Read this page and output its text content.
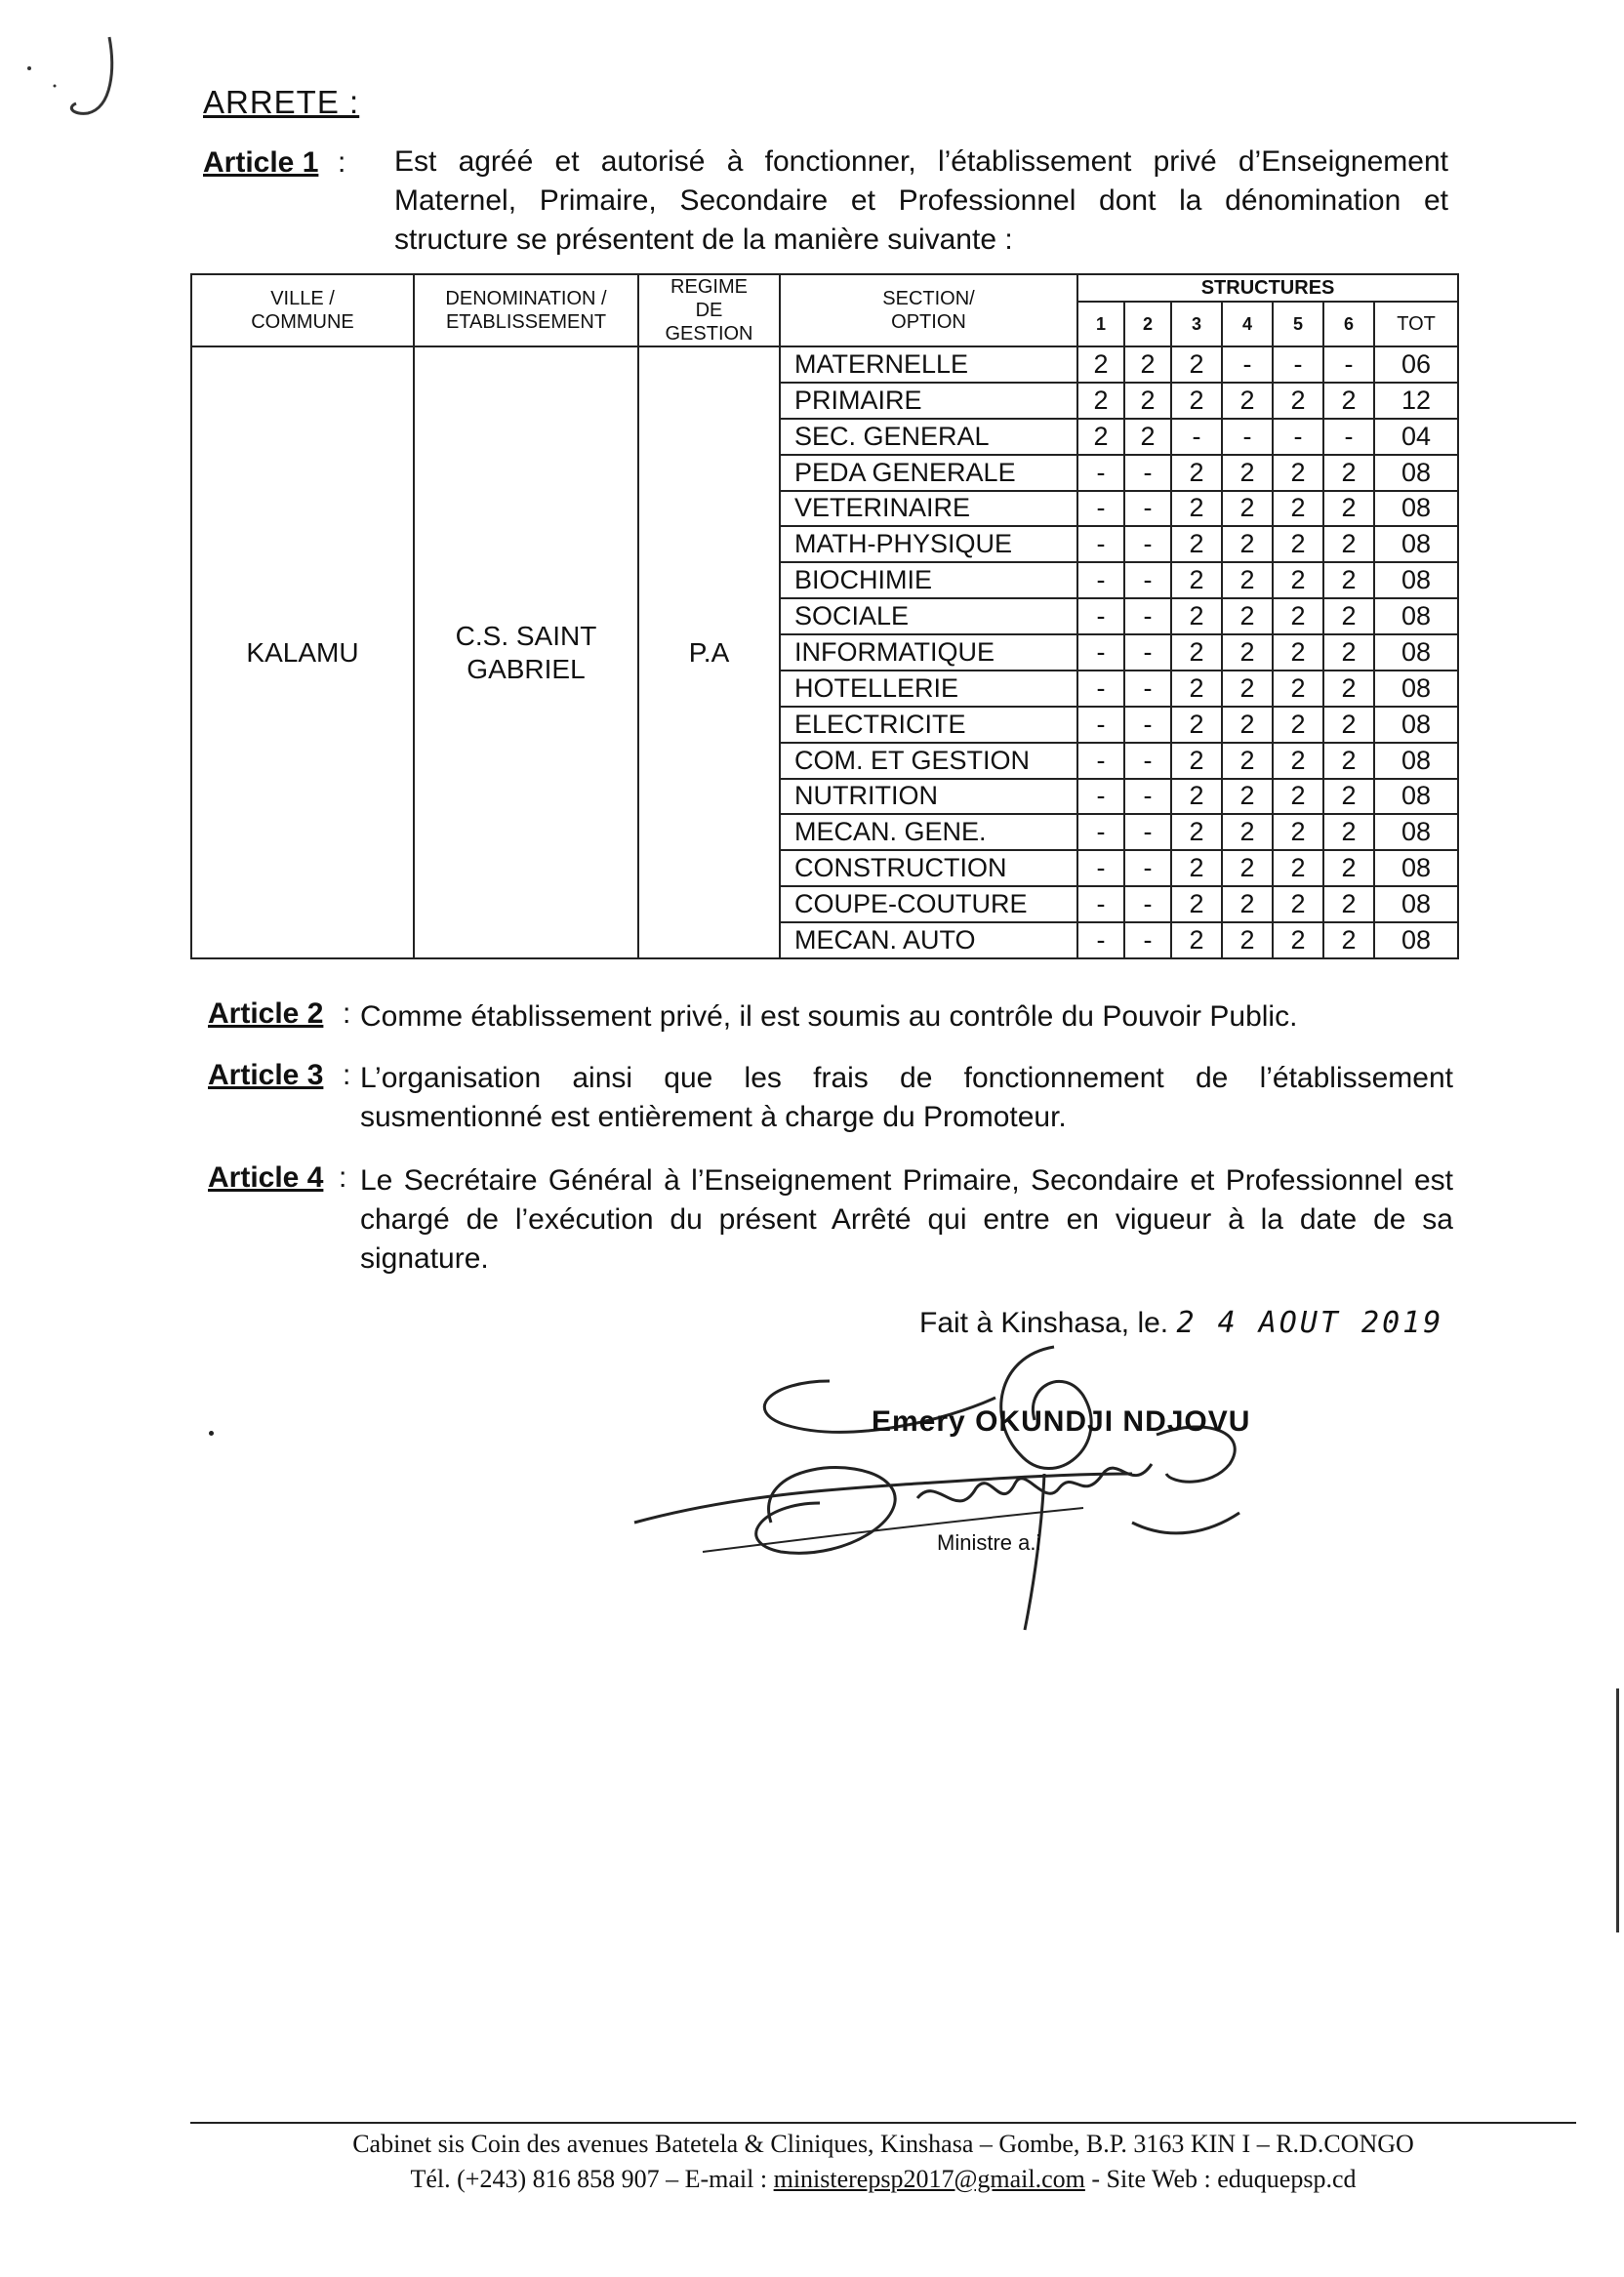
ARRETE :
Article 1 : Est agréé et autorisé à fonctionner, l’établissement privé d’Enseignement Maternel, Primaire, Secondaire et Professionnel dont la dénomination et structure se présentent de la manière suivante :
VILLE / COMMUNE	DENOMINATION / ETABLISSEMENT	REGIME DE GESTION	SECTION/ OPTION	STRUCTURES						
				1	2	3	4	5	6	TOT

KALAMU	C.S. SAINT GABRIEL	P.A	MATERNELLE	2	2	2	-	-	-	06
			PRIMAIRE	2	2	2	2	2	2	12
			SEC. GENERAL	2	2	-	-	-	-	04
			PEDA GENERALE	-	-	2	2	2	2	08
			VETERINAIRE	-	-	2	2	2	2	08
			MATH-PHYSIQUE	-	-	2	2	2	2	08
			BIOCHIMIE	-	-	2	2	2	2	08
			SOCIALE	-	-	2	2	2	2	08
			INFORMATIQUE	-	-	2	2	2	2	08
			HOTELLERIE	-	-	2	2	2	2	08
			ELECTRICITE	-	-	2	2	2	2	08
			COM. ET GESTION	-	-	2	2	2	2	08
			NUTRITION	-	-	2	2	2	2	08
			MECAN. GENE.	-	-	2	2	2	2	08
			CONSTRUCTION	-	-	2	2	2	2	08
			COUPE-COUTURE	-	-	2	2	2	2	08
			MECAN. AUTO	-	-	2	2	2	2	08
Article 2 : Comme établissement privé, il est soumis au contrôle du Pouvoir Public.
Article 3 : L’organisation ainsi que les frais de fonctionnement de l’établissement susmentionné est entièrement à charge du Promoteur.
Article 4 : Le Secrétaire Général à l’Enseignement Primaire, Secondaire et Professionnel est chargé de l’exécution du présent Arrêté qui entre en vigueur à la date de sa signature.
Fait à Kinshasa, le. 2 4 AOUT 2019
Emery OKUNDJI NDJOVU
Ministre a.i
Cabinet sis Coin des avenues Batetela & Cliniques, Kinshasa – Gombe, B.P. 3163 KIN I – R.D.CONGO
Tél. (+243) 816 858 907 – E-mail : ministerepsp2017@gmail.com - Site Web : eduquepsp.cd
